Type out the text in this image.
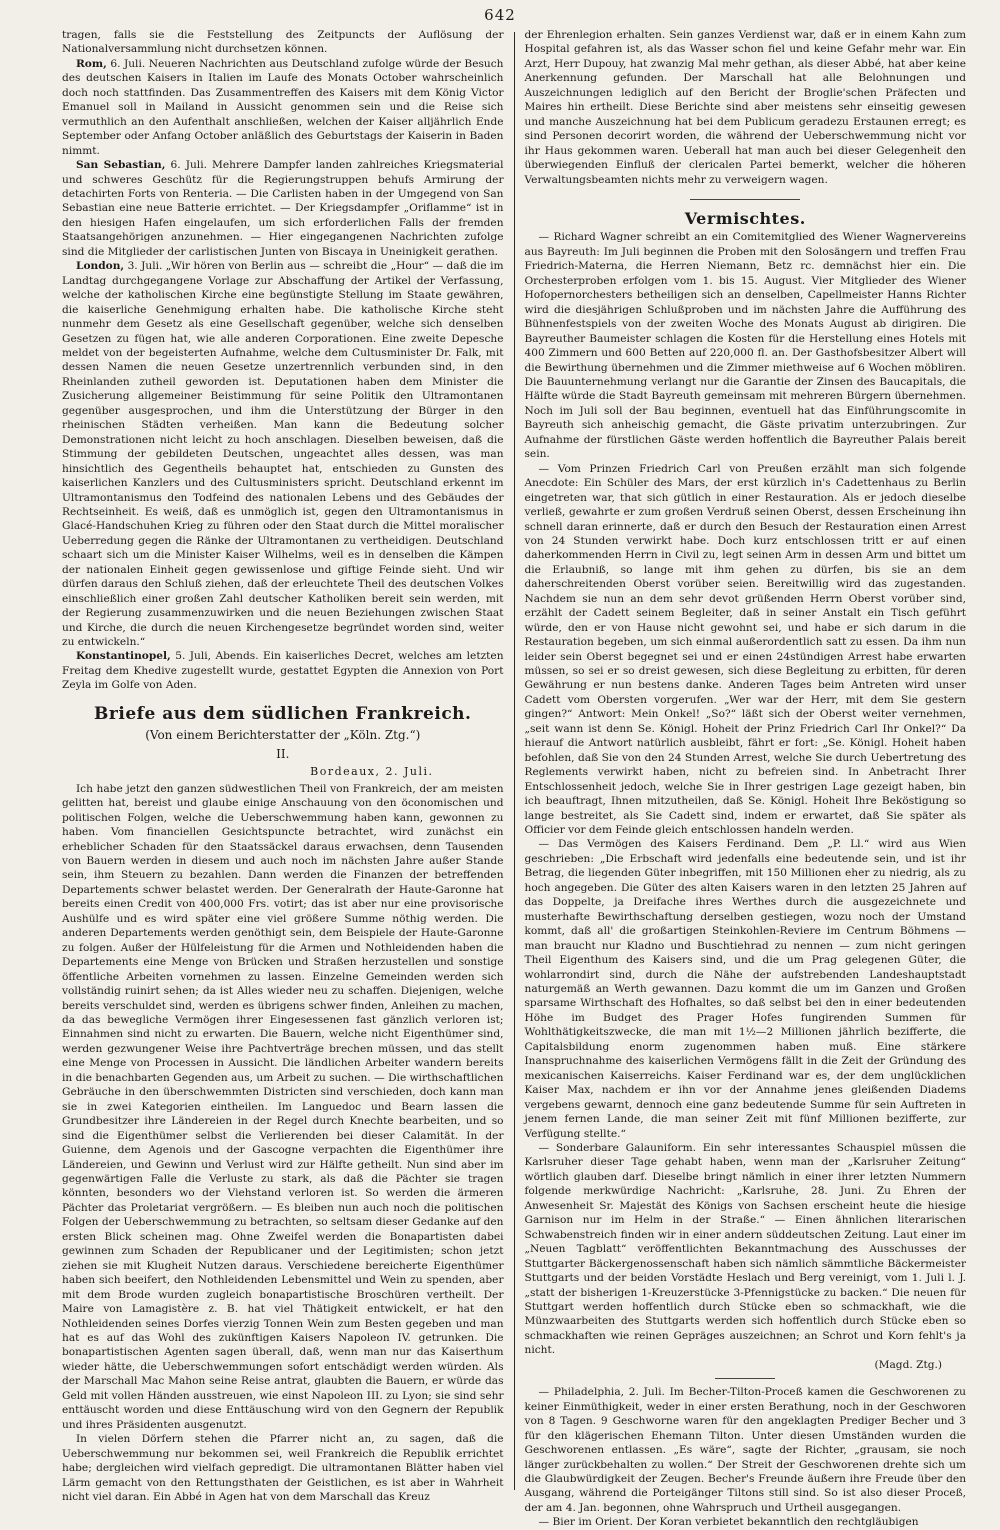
642

tragen, falls sie die Feststellung des Zeitpuncts der Auflösung der Nationalversammlung nicht durchsetzen können.

Rom, 6. Juli. Neueren Nachrichten aus Deutschland zufolge würde der Besuch des deutschen Kaisers in Italien im Laufe des Monats October wahrscheinlich doch noch stattfinden. Das Zusammentreffen des Kaisers mit dem König Victor Emanuel soll in Mailand in Aussicht genommen sein und die Reise sich vermuthlich an den Aufenthalt anschließen, welchen der Kaiser alljährlich Ende September oder Anfang October anläßlich des Geburtstags der Kaiserin in Baden nimmt.

San Sebastian, 6. Juli. Mehrere Dampfer landen zahlreiches Kriegsmaterial und schweres Geschütz für die Regierungstruppen behufs Armirung der detachirten Forts von Renteria. — Die Carlisten haben in der Umgegend von San Sebastian eine neue Batterie errichtet. — Der Kriegsdampfer „Oriflamme“ ist in den hiesigen Hafen eingelaufen, um sich erforderlichen Falls der fremden Staatsangehörigen anzunehmen. — Hier eingegangenen Nachrichten zufolge sind die Mitglieder der carlistischen Junten von Biscaya in Uneinigkeit gerathen.

London, 3. Juli. „Wir hören von Berlin aus — schreibt die „Hour“ — daß die im Landtag durchgegangene Vorlage zur Abschaffung der Artikel der Verfassung, welche der katholischen Kirche eine begünstigte Stellung im Staate gewähren, die kaiserliche Genehmigung erhalten habe. Die katholische Kirche steht nunmehr dem Gesetz als eine Gesellschaft gegenüber, welche sich denselben Gesetzen zu fügen hat, wie alle anderen Corporationen. Eine zweite Depesche meldet von der begeisterten Aufnahme, welche dem Cultusminister Dr. Falk, mit dessen Namen die neuen Gesetze unzertrennlich verbunden sind, in den Rheinlanden zutheil geworden ist. Deputationen haben dem Minister die Zusicherung allgemeiner Beistimmung für seine Politik den Ultramontanen gegenüber ausgesprochen, und ihm die Unterstützung der Bürger in den rheinischen Städten verheißen. Man kann die Bedeutung solcher Demonstrationen nicht leicht zu hoch anschlagen. Dieselben beweisen, daß die Stimmung der gebildeten Deutschen, ungeachtet alles dessen, was man hinsichtlich des Gegentheils behauptet hat, entschieden zu Gunsten des kaiserlichen Kanzlers und des Cultusministers spricht. Deutschland erkennt im Ultramontanismus den Todfeind des nationalen Lebens und des Gebäudes der Rechtseinheit. Es weiß, daß es unmöglich ist, gegen den Ultramontanismus in Glacé-Handschuhen Krieg zu führen oder den Staat durch die Mittel moralischer Ueberredung gegen die Ränke der Ultramontanen zu vertheidigen. Deutschland schaart sich um die Minister Kaiser Wilhelms, weil es in denselben die Kämpen der nationalen Einheit gegen gewissenlose und giftige Feinde sieht. Und wir dürfen daraus den Schluß ziehen, daß der erleuchtete Theil des deutschen Volkes einschließlich einer großen Zahl deutscher Katholiken bereit sein werden, mit der Regierung zusammenzuwirken und die neuen Beziehungen zwischen Staat und Kirche, die durch die neuen Kirchengesetze begründet worden sind, weiter zu entwickeln.“

Konstantinopel, 5. Juli, Abends. Ein kaiserliches Decret, welches am letzten Freitag dem Khedive zugestellt wurde, gestattet Egypten die Annexion von Port Zeyla im Golfe von Aden.

Briefe aus dem südlichen Frankreich.
(Von einem Berichterstatter der „Köln. Ztg.“)
II.
Bordeaux, 2. Juli.

Ich habe jetzt den ganzen südwestlichen Theil von Frankreich, der am meisten gelitten hat, bereist und glaube einige Anschauung von den öconomischen und politischen Folgen, welche die Ueberschwemmung haben kann, gewonnen zu haben. Vom financiellen Gesichtspuncte betrachtet, wird zunächst ein erheblicher Schaden für den Staatssäckel daraus erwachsen, denn Tausenden von Bauern werden in diesem und auch noch im nächsten Jahre außer Stande sein, ihm Steuern zu bezahlen. Dann werden die Finanzen der betreffenden Departements schwer belastet werden. Der Generalrath der Haute-Garonne hat bereits einen Credit von 400,000 Frs. votirt; das ist aber nur eine provisorische Aushülfe und es wird später eine viel größere Summe nöthig werden. Die anderen Departements werden genöthigt sein, dem Beispiele der Haute-Garonne zu folgen. Außer der Hülfeleistung für die Armen und Nothleidenden haben die Departements eine Menge von Brücken und Straßen herzustellen und sonstige öffentliche Arbeiten vornehmen zu lassen. Einzelne Gemeinden werden sich vollständig ruinirt sehen; da ist Alles wieder neu zu schaffen. Diejenigen, welche bereits verschuldet sind, werden es übrigens schwer finden, Anleihen zu machen, da das bewegliche Vermögen ihrer Eingesessenen fast gänzlich verloren ist; Einnahmen sind nicht zu erwarten. Die Bauern, welche nicht Eigenthümer sind, werden gezwungener Weise ihre Pachtverträge brechen müssen, und das stellt eine Menge von Processen in Aussicht. Die ländlichen Arbeiter wandern bereits in die benachbarten Gegenden aus, um Arbeit zu suchen. — Die wirthschaftlichen Gebräuche in den überschwemmten Districten sind verschieden, doch kann man sie in zwei Kategorien eintheilen. Im Languedoc und Bearn lassen die Grundbesitzer ihre Ländereien in der Regel durch Knechte bearbeiten, und so sind die Eigenthümer selbst die Verlierenden bei dieser Calamität. In der Guienne, dem Agenois und der Gascogne verpachten die Eigenthümer ihre Ländereien, und Gewinn und Verlust wird zur Hälfte getheilt. Nun sind aber im gegenwärtigen Falle die Verluste zu stark, als daß die Pächter sie tragen könnten, besonders wo der Viehstand verloren ist. So werden die ärmeren Pächter das Proletariat vergrößern. — Es bleiben nun auch noch die politischen Folgen der Ueberschwemmung zu betrachten, so seltsam dieser Gedanke auf den ersten Blick scheinen mag. Ohne Zweifel werden die Bonapartisten dabei gewinnen zum Schaden der Republicaner und der Legitimisten; schon jetzt ziehen sie mit Klugheit Nutzen daraus. Verschiedene bereicherte Eigenthümer haben sich beeifert, den Nothleidenden Lebensmittel und Wein zu spenden, aber mit dem Brode wurden zugleich bonapartistische Broschüren vertheilt. Der Maire von Lamagistère z. B. hat viel Thätigkeit entwickelt, er hat den Nothleidenden seines Dorfes vierzig Tonnen Wein zum Besten gegeben und man hat es auf das Wohl des zukünftigen Kaisers Napoleon IV. getrunken. Die bonapartistischen Agenten sagen überall, daß, wenn man nur das Kaiserthum wieder hätte, die Ueberschwemmungen sofort entschädigt werden würden. Als der Marschall Mac Mahon seine Reise antrat, glaubten die Bauern, er würde das Geld mit vollen Händen ausstreuen, wie einst Napoleon III. zu Lyon; sie sind sehr enttäuscht worden und diese Enttäuschung wird von den Gegnern der Republik und ihres Präsidenten ausgenutzt.

In vielen Dörfern stehen die Pfarrer nicht an, zu sagen, daß die Ueberschwemmung nur bekommen sei, weil Frankreich die Republik errichtet habe; dergleichen wird vielfach gepredigt. Die ultramontanen Blätter haben viel Lärm gemacht von den Rettungsthaten der Geistlichen, es ist aber in Wahrheit nicht viel daran. Ein Abbé in Agen hat von dem Marschall das Kreuz

der Ehrenlegion erhalten. Sein ganzes Verdienst war, daß er in einem Kahn zum Hospital gefahren ist, als das Wasser schon fiel und keine Gefahr mehr war. Ein Arzt, Herr Dupouy, hat zwanzig Mal mehr gethan, als dieser Abbé, hat aber keine Anerkennung gefunden. Der Marschall hat alle Belohnungen und Auszeichnungen lediglich auf den Bericht der Broglie'schen Präfecten und Maires hin ertheilt. Diese Berichte sind aber meistens sehr einseitig gewesen und manche Auszeichnung hat bei dem Publicum geradezu Erstaunen erregt; es sind Personen decorirt worden, die während der Ueberschwemmung nicht vor ihr Haus gekommen waren. Ueberall hat man auch bei dieser Gelegenheit den überwiegenden Einfluß der clericalen Partei bemerkt, welcher die höheren Verwaltungsbeamten nichts mehr zu verweigern wagen.

Vermischtes.

— Richard Wagner schreibt an ein Comitemitglied des Wiener Wagnervereins aus Bayreuth: Im Juli beginnen die Proben mit den Solosängern und treffen Frau Friedrich-Materna, die Herren Niemann, Betz rc. demnächst hier ein. Die Orchesterproben erfolgen vom 1. bis 15. August. Vier Mitglieder des Wiener Hofopernorchesters betheiligen sich an denselben, Capellmeister Hanns Richter wird die diesjährigen Schlußproben und im nächsten Jahre die Aufführung des Bühnenfestspiels von der zweiten Woche des Monats August ab dirigiren. Die Bayreuther Baumeister schlagen die Kosten für die Herstellung eines Hotels mit 400 Zimmern und 600 Betten auf 220,000 fl. an. Der Gasthofsbesitzer Albert will die Bewirthung übernehmen und die Zimmer miethweise auf 6 Wochen möbliren. Die Bauunternehmung verlangt nur die Garantie der Zinsen des Baucapitals, die Hälfte würde die Stadt Bayreuth gemeinsam mit mehreren Bürgern übernehmen. Noch im Juli soll der Bau beginnen, eventuell hat das Einführungscomite in Bayreuth sich anheischig gemacht, die Gäste privatim unterzubringen. Zur Aufnahme der fürstlichen Gäste werden hoffentlich die Bayreuther Palais bereit sein.

— Vom Prinzen Friedrich Carl von Preußen erzählt man sich folgende Anecdote: Ein Schüler des Mars, der erst kürzlich in's Cadettenhaus zu Berlin eingetreten war, that sich gütlich in einer Restauration. Als er jedoch dieselbe verließ, gewahrte er zum großen Verdruß seinen Oberst, dessen Erscheinung ihn schnell daran erinnerte, daß er durch den Besuch der Restauration einen Arrest von 24 Stunden verwirkt habe. Doch kurz entschlossen tritt er auf einen daherkommenden Herrn in Civil zu, legt seinen Arm in dessen Arm und bittet um die Erlaubniß, so lange mit ihm gehen zu dürfen, bis sie an dem daherschreitenden Oberst vorüber seien. Bereitwillig wird das zugestanden. Nachdem sie nun an dem sehr devot grüßenden Herrn Oberst vorüber sind, erzählt der Cadett seinem Begleiter, daß in seiner Anstalt ein Tisch geführt würde, den er von Hause nicht gewohnt sei, und habe er sich darum in die Restauration begeben, um sich einmal außerordentlich satt zu essen. Da ihm nun leider sein Oberst begegnet sei und er einen 24stündigen Arrest habe erwarten müssen, so sei er so dreist gewesen, sich diese Begleitung zu erbitten, für deren Gewährung er nun bestens danke. Anderen Tages beim Antreten wird unser Cadett vom Obersten vorgerufen. „Wer war der Herr, mit dem Sie gestern gingen?“ Antwort: Mein Onkel! „So?“ läßt sich der Oberst weiter vernehmen, „seit wann ist denn Se. Königl. Hoheit der Prinz Friedrich Carl Ihr Onkel?“ Da hierauf die Antwort natürlich ausbleibt, fährt er fort: „Se. Königl. Hoheit haben befohlen, daß Sie von den 24 Stunden Arrest, welche Sie durch Uebertretung des Reglements verwirkt haben, nicht zu befreien sind. In Anbetracht Ihrer Entschlossenheit jedoch, welche Sie in Ihrer gestrigen Lage gezeigt haben, bin ich beauftragt, Ihnen mitzutheilen, daß Se. Königl. Hoheit Ihre Beköstigung so lange bestreitet, als Sie Cadett sind, indem er erwartet, daß Sie später als Officier vor dem Feinde gleich entschlossen handeln werden.

— Das Vermögen des Kaisers Ferdinand. Dem „P. Ll.“ wird aus Wien geschrieben: „Die Erbschaft wird jedenfalls eine bedeutende sein, und ist ihr Betrag, die liegenden Güter inbegriffen, mit 150 Millionen eher zu niedrig, als zu hoch angegeben. Die Güter des alten Kaisers waren in den letzten 25 Jahren auf das Doppelte, ja Dreifache ihres Werthes durch die ausgezeichnete und musterhafte Bewirthschaftung derselben gestiegen, wozu noch der Umstand kommt, daß all' die großartigen Steinkohlen-Reviere im Centrum Böhmens — man braucht nur Kladno und Buschtiehrad zu nennen — zum nicht geringen Theil Eigenthum des Kaisers sind, und die um Prag gelegenen Güter, die wohlarrondirt sind, durch die Nähe der aufstrebenden Landeshauptstadt naturgemäß an Werth gewannen. Dazu kommt die um im Ganzen und Großen sparsame Wirthschaft des Hofhaltes, so daß selbst bei den in einer bedeutenden Höhe im Budget des Prager Hofes fungirenden Summen für Wohlthätigkeitszwecke, die man mit 1½—2 Millionen jährlich bezifferte, die Capitalsbildung enorm zugenommen haben muß. Eine stärkere Inanspruchnahme des kaiserlichen Vermögens fällt in die Zeit der Gründung des mexicanischen Kaiserreichs. Kaiser Ferdinand war es, der dem unglücklichen Kaiser Max, nachdem er ihn vor der Annahme jenes gleißenden Diadems vergebens gewarnt, dennoch eine ganz bedeutende Summe für sein Auftreten in jenem fernen Lande, die man seiner Zeit mit fünf Millionen bezifferte, zur Verfügung stellte.“

— Sonderbare Galauniform. Ein sehr interessantes Schauspiel müssen die Karlsruher dieser Tage gehabt haben, wenn man der „Karlsruher Zeitung“ wörtlich glauben darf. Dieselbe bringt nämlich in einer ihrer letzten Nummern folgende merkwürdige Nachricht: „Karlsruhe, 28. Juni. Zu Ehren der Anwesenheit Sr. Majestät des Königs von Sachsen erscheint heute die hiesige Garnison nur im Helm in der Straße.“ — Einen ähnlichen literarischen Schwabenstreich finden wir in einer andern süddeutschen Zeitung. Laut einer im „Neuen Tagblatt“ veröffentlichten Bekanntmachung des Ausschusses der Stuttgarter Bäckergenossenschaft haben sich nämlich sämmtliche Bäckermeister Stuttgarts und der beiden Vorstädte Heslach und Berg vereinigt, vom 1. Juli l. J. „statt der bisherigen 1-Kreuzerstücke 3-Pfennigstücke zu backen.“ Die neuen für Stuttgart werden hoffentlich durch Stücke eben so schmackhaft, wie die Münzwaarbeiten des Stuttgarts werden sich hoffentlich durch Stücke eben so schmackhaften wie reinen Gepräges auszeichnen; an Schrot und Korn fehlt's ja nicht.

(Magd. Ztg.)

— Philadelphia, 2. Juli. Im Becher-Tilton-Proceß kamen die Geschworenen zu keiner Einmüthigkeit, weder in einer ersten Berathung, noch in der Geschworen von 8 Tagen. 9 Geschworne waren für den angeklagten Prediger Becher und 3 für den klägerischen Ehemann Tilton. Unter diesen Umständen wurden die Geschworenen entlassen. „Es wäre“, sagte der Richter, „grausam, sie noch länger zurückbehalten zu wollen.“ Der Streit der Geschworenen drehte sich um die Glaubwürdigkeit der Zeugen. Becher's Freunde äußern ihre Freude über den Ausgang, während die Porteigänger Tiltons still sind. So ist also dieser Proceß, der am 4. Jan. begonnen, ohne Wahrspruch und Urtheil ausgegangen.

— Bier im Orient. Der Koran verbietet bekanntlich den rechtgläubigen
